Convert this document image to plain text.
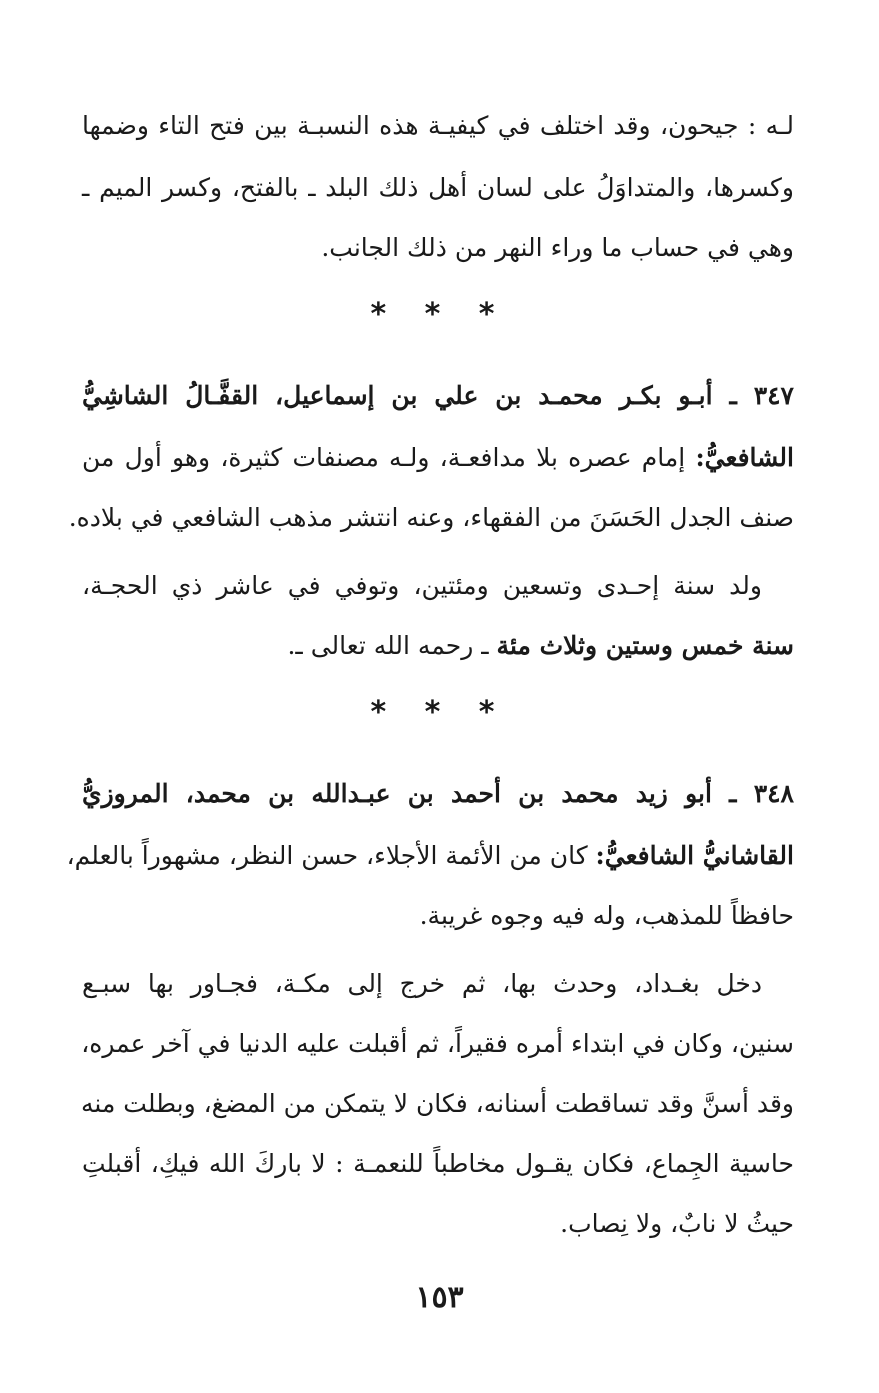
لـه : جيحون، وقد اختلف في كيفيـة هذه النسبـة بين فتح التاء وضمها
وكسرها، والمتداوَلُ على لسان أهل ذلك البلد ـ بالفتح، وكسر الميم ـ
وهي في حساب ما وراء النهر من ذلك الجانب.
* * *
٣٤٧ ـ أبـو بكـر محمـد بن علي بن إسماعيل، القفَّـالُ الشاشِيُّ
الشافعيُّ: إمام عصره بلا مدافعـة، ولـه مصنفات كثيرة، وهو أول من
صنف الجدل الحَسَنَ من الفقهاء، وعنه انتشر مذهب الشافعي في بلاده.
ولد سنة إحـدى وتسعين ومئتين، وتوفي في عاشر ذي الحجـة،
سنة خمس وستين وثلاث مئة ـ رحمه الله تعالى ـ.
* * *
٣٤٨ ـ أبو زيد محمد بن أحمد بن عبـدالله بن محمد، المروزيُّ
القاشانيُّ الشافعيُّ: كان من الأئمة الأجلاء، حسن النظر، مشهوراً بالعلم،
حافظاً للمذهب، وله فيه وجوه غريبة.
دخل بغـداد، وحدث بها، ثم خرج إلى مكـة، فجـاور بها سبـع
سنين، وكان في ابتداء أمره فقيراً، ثم أقبلت عليه الدنيا في آخر عمره،
وقد أسنَّ وقد تساقطت أسنانه، فكان لا يتمكن من المضغ، وبطلت منه
حاسية الجِماع، فكان يقـول مخاطباً للنعمـة : لا باركَ الله فيكِ، أقبلتِ
حيثُ لا نابٌ، ولا نِصاب.
١٥٣
